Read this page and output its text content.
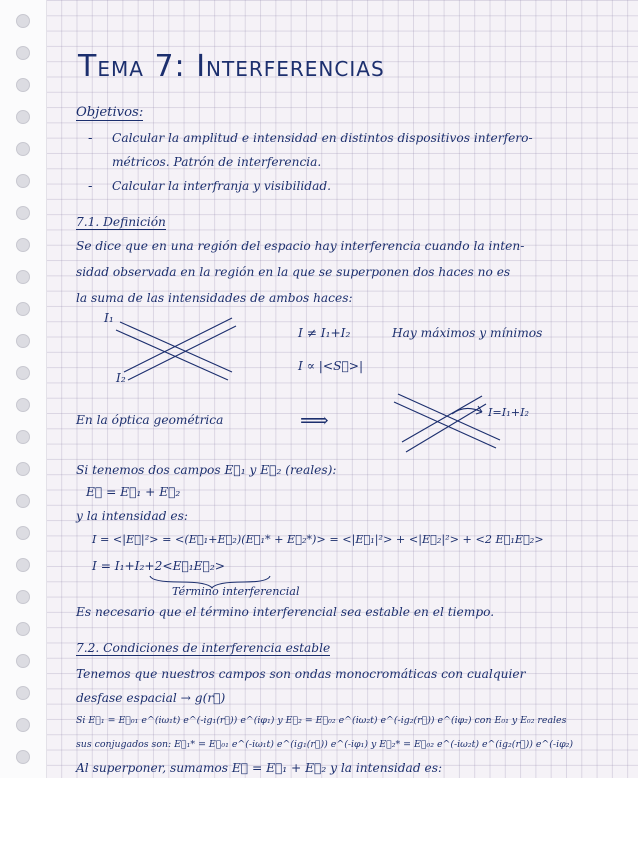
TEMA 7: INTERFERENCIAS
Objetivos:
- Calcular la amplitud e intensidad en distintos dispositivos interfero-
métricos. Patrón de interferencia.
- Calcular la interfranja y visibilidad.
7.1. Definición
Se dice que en una región del espacio hay interferencia cuando la inten-
sidad observada en la región en la que se superponen dos haces no es
la suma de las intensidades de ambos haces:
I₁
I₂
I ≠ I₁+I₂	Hay máximos y mínimos
I ∝ |<S⃗>|
En la óptica geométrica	⟹	I=I₁+I₂
Si tenemos dos campos E⃗₁ y E⃗₂ (reales):
E⃗ = E⃗₁ + E⃗₂
y la intensidad es:
I = <|E⃗|²> = <(E⃗₁+E⃗₂)(E⃗₁* + E⃗₂*)> = <|E⃗₁|²> + <|E⃗₂|²> + <2 E⃗₁E⃗₂>
I = I₁+I₂+2<E⃗₁E⃗₂>
Término interferencial
Es necesario que el término interferencial sea estable en el tiempo.
7.2. Condiciones de interferencia estable
Tenemos que nuestros campos son ondas monocromáticas con cualquier
desfase espacial → g(r⃗)
Si E⃗₁ = E⃗₀₁ e^(iω₁t) e^(-ig₁(r⃗)) e^(iφ₁) y E⃗₂ = E⃗₀₂ e^(iω₂t) e^(-ig₂(r⃗)) e^(iφ₂) con E₀₁ y E₀₂ reales
sus conjugados son: E⃗₁* = E⃗₀₁ e^(-iω₁t) e^(ig₁(r⃗)) e^(-iφ₁) y E⃗₂* = E⃗₀₂ e^(-iω₂t) e^(ig₂(r⃗)) e^(-iφ₂)
Al superponer, sumamos E⃗ = E⃗₁ + E⃗₂ y la intensidad es:
